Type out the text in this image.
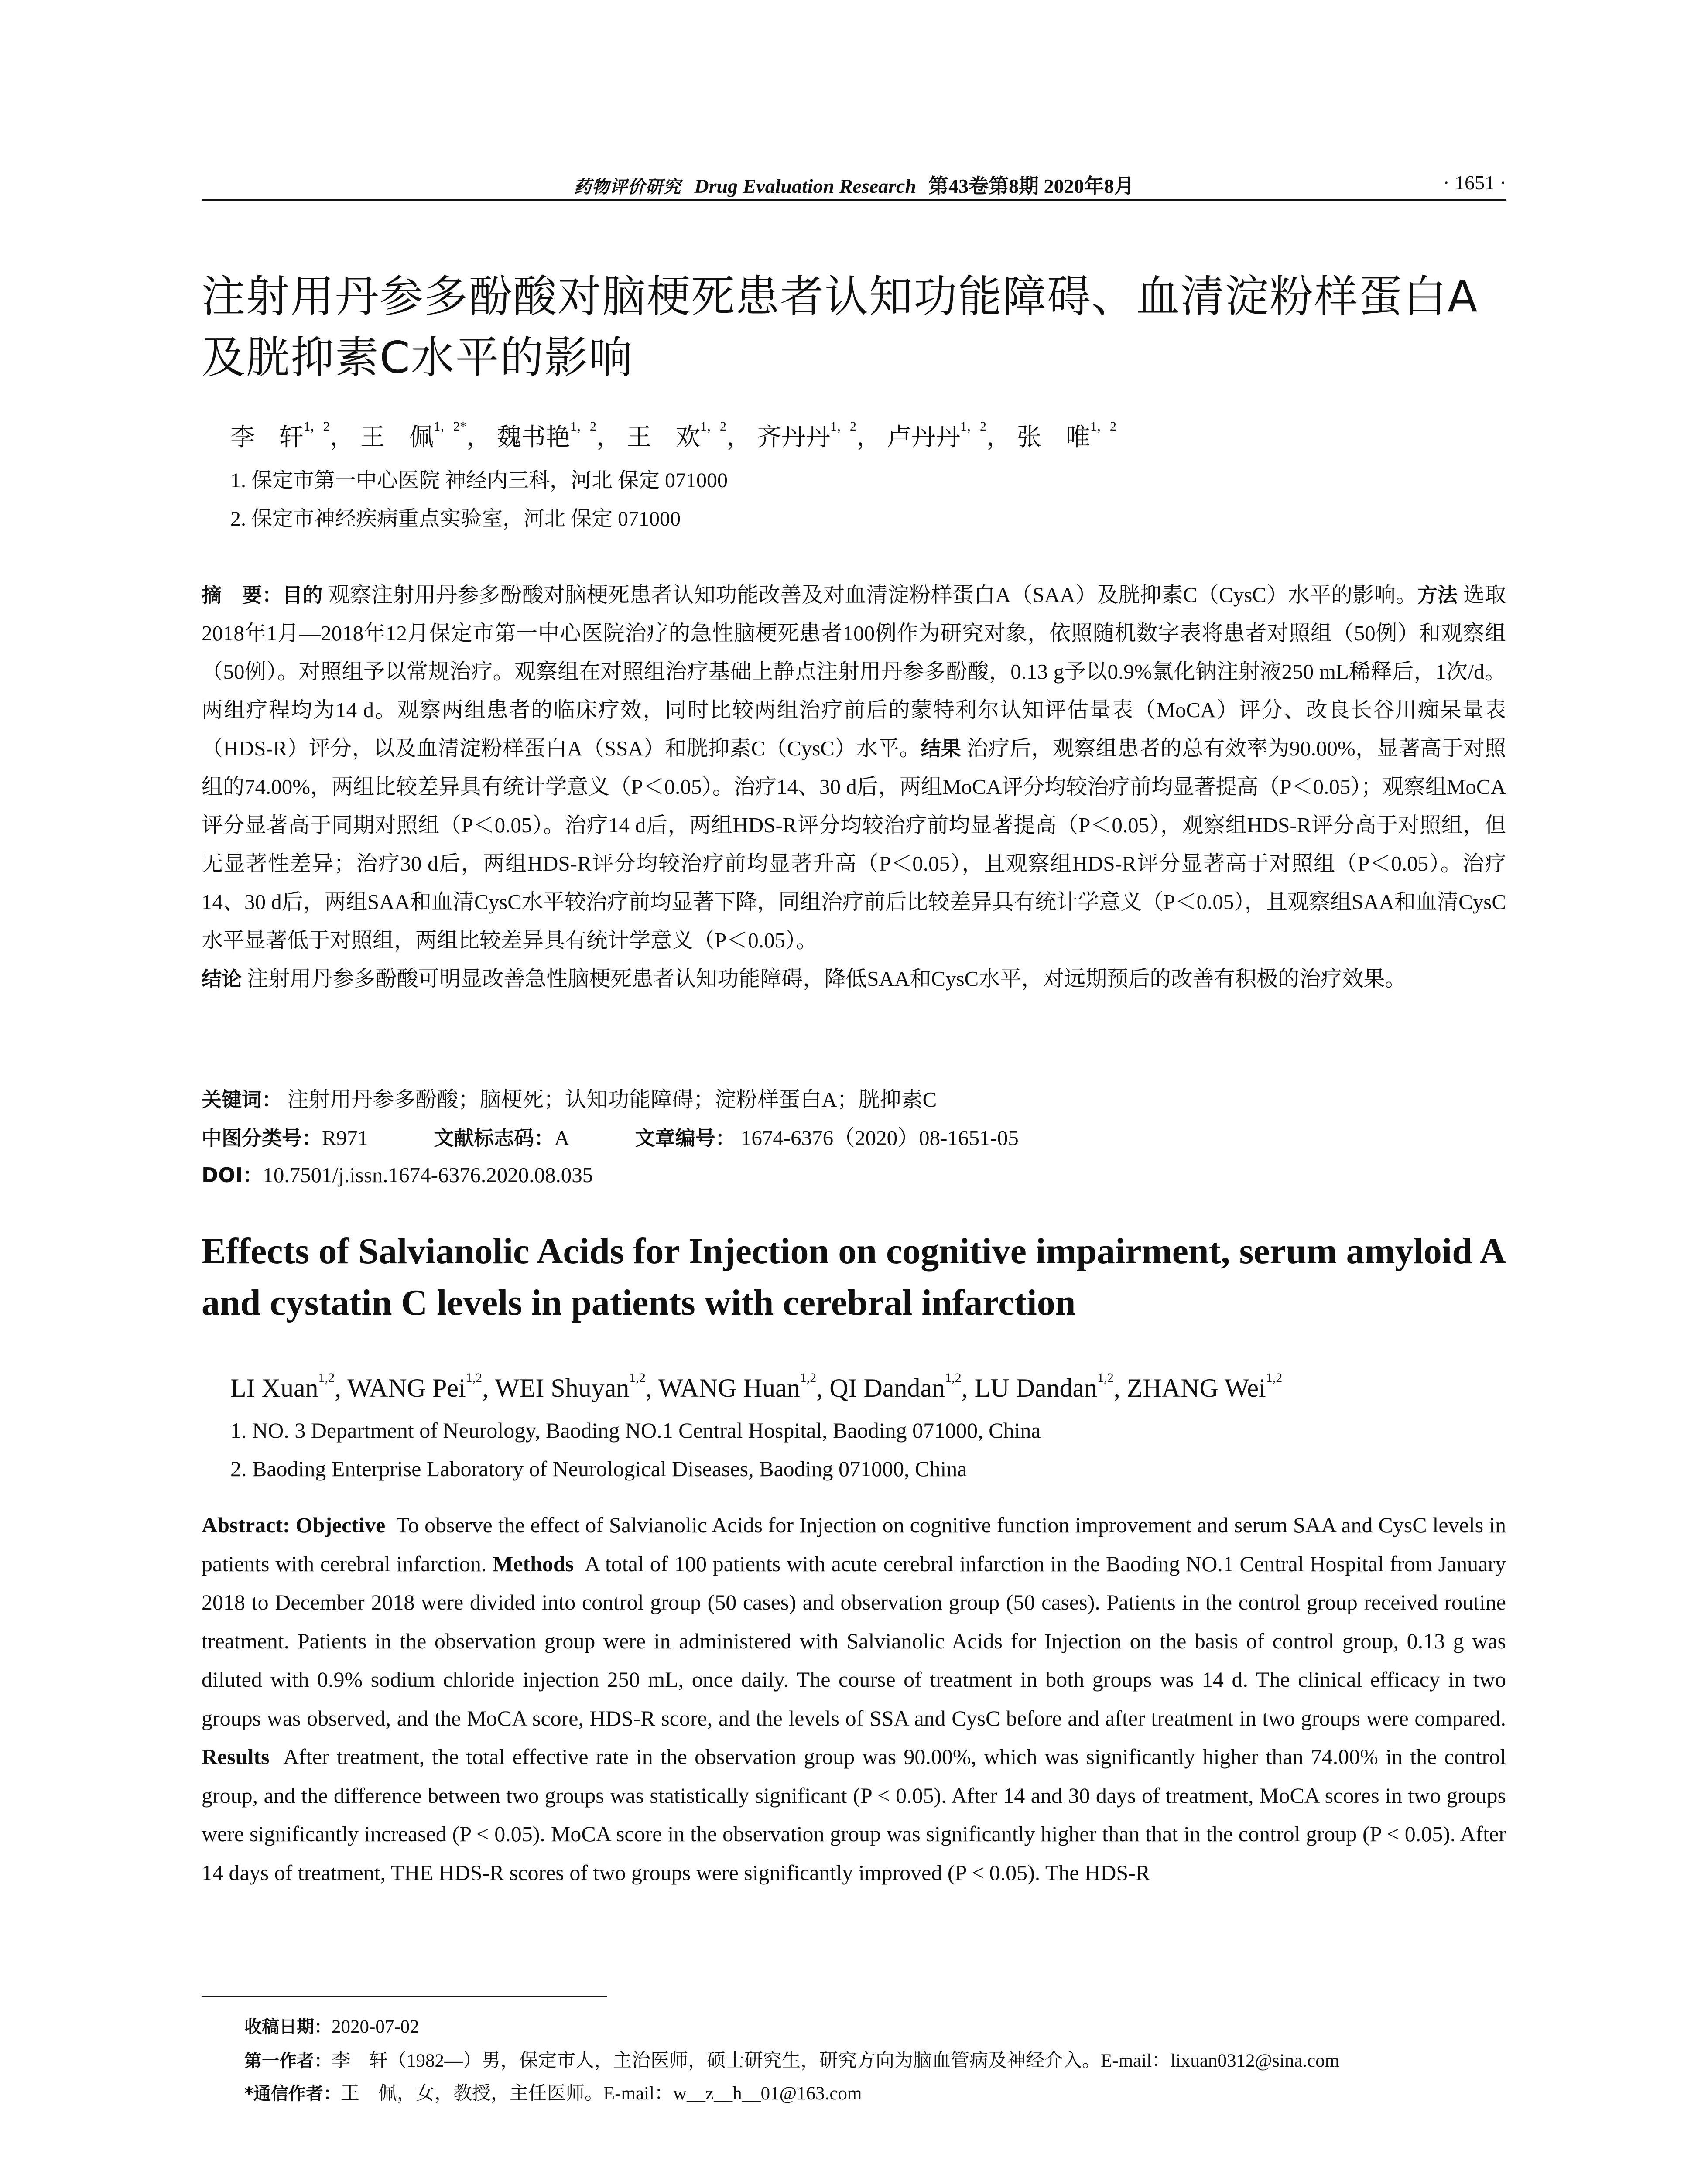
药物评价研究 Drug Evaluation Research 第43卷第8期 2020年8月	· 1651 ·
注射用丹参多酚酸对脑梗死患者认知功能障碍、血清淀粉样蛋白A及胱抑素C水平的影响
李　轩$^{1,2}$， 王　佩$^{1,2*}$， 魏书艳$^{1,2}$， 王　欢$^{1,2}$， 齐丹丹$^{1,2}$， 卢丹丹$^{1,2}$， 张　唯$^{1,2}$
1. 保定市第一中心医院 神经内三科，河北 保定 071000
2. 保定市神经疾病重点实验室，河北 保定 071000
摘　要：目的 观察注射用丹参多酚酸对脑梗死患者认知功能改善及对血清淀粉样蛋白A（SAA）及胱抑素C（CysC）水平的影响。方法 选取2018年1月—2018年12月保定市第一中心医院治疗的急性脑梗死患者100例作为研究对象，依照随机数字表将患者对照组（50例）和观察组（50例）。对照组予以常规治疗。观察组在对照组治疗基础上静点注射用丹参多酚酸，0.13 g予以0.9%氯化钠注射液250 mL稀释后，1次/d。两组疗程均为14 d。观察两组患者的临床疗效，同时比较两组治疗前后的蒙特利尔认知评估量表（MoCA）评分、改良长谷川痴呆量表（HDS-R）评分，以及血清淀粉样蛋白A（SSA）和胱抑素C（CysC）水平。结果 治疗后，观察组患者的总有效率为90.00%，显著高于对照组的74.00%，两组比较差异具有统计学意义（P＜0.05）。治疗14、30 d后，两组MoCA评分均较治疗前均显著提高（P＜0.05）；观察组MoCA评分显著高于同期对照组（P＜0.05）。治疗14 d后，两组HDS-R评分均较治疗前均显著提高（P＜0.05），观察组HDS-R评分高于对照组，但无显著性差异；治疗30 d后，两组HDS-R评分均较治疗前均显著升高（P＜0.05），且观察组HDS-R评分显著高于对照组（P＜0.05）。治疗14、30 d后，两组SAA和血清CysC水平较治疗前均显著下降，同组治疗前后比较差异具有统计学意义（P＜0.05），且观察组SAA和血清CysC水平显著低于对照组，两组比较差异具有统计学意义（P＜0.05）。
结论 注射用丹参多酚酸可明显改善急性脑梗死患者认知功能障碍，降低SAA和CysC水平，对远期预后的改善有积极的治疗效果。
关键词： 注射用丹参多酚酸；脑梗死；认知功能障碍；淀粉样蛋白A；胱抑素C
中图分类号：R971	文献标志码：A	文章编号： 1674-6376（2020）08-1651-05
DOI：10.7501/j.issn.1674-6376.2020.08.035
Effects of Salvianolic Acids for Injection on cognitive impairment, serum amyloid A and cystatin C levels in patients with cerebral infarction
LI Xuan$^{1,2}$, WANG Pei$^{1,2}$, WEI Shuyan$^{1,2}$, WANG Huan$^{1,2}$, QI Dandan$^{1,2}$, LU Dandan$^{1,2}$, ZHANG Wei$^{1,2}$
1. NO. 3 Department of Neurology, Baoding NO.1 Central Hospital, Baoding 071000, China
2. Baoding Enterprise Laboratory of Neurological Diseases, Baoding 071000, China
Abstract: Objective To observe the effect of Salvianolic Acids for Injection on cognitive function improvement and serum SAA and CysC levels in patients with cerebral infarction. Methods A total of 100 patients with acute cerebral infarction in the Baoding NO.1 Central Hospital from January 2018 to December 2018 were divided into control group (50 cases) and observation group (50 cases). Patients in the control group received routine treatment. Patients in the observation group were in administered with Salvianolic Acids for Injection on the basis of control group, 0.13 g was diluted with 0.9% sodium chloride injection 250 mL, once daily. The course of treatment in both groups was 14 d. The clinical efficacy in two groups was observed, and the MoCA score, HDS-R score, and the levels of SSA and CysC before and after treatment in two groups were compared. Results After treatment, the total effective rate in the observation group was 90.00%, which was significantly higher than 74.00% in the control group, and the difference between two groups was statistically significant (P < 0.05). After 14 and 30 days of treatment, MoCA scores in two groups were significantly increased (P < 0.05). MoCA score in the observation group was significantly higher than that in the control group (P < 0.05). After 14 days of treatment, THE HDS-R scores of two groups were significantly improved (P < 0.05). The HDS-R
收稿日期：2020-07-02
第一作者：李　轩（1982—）男，保定市人，主治医师，硕士研究生，研究方向为脑血管病及神经介入。E-mail：lixuan0312@sina.com
*通信作者：王　佩，女，教授，主任医师。E-mail：w__z__h__01@163.com
